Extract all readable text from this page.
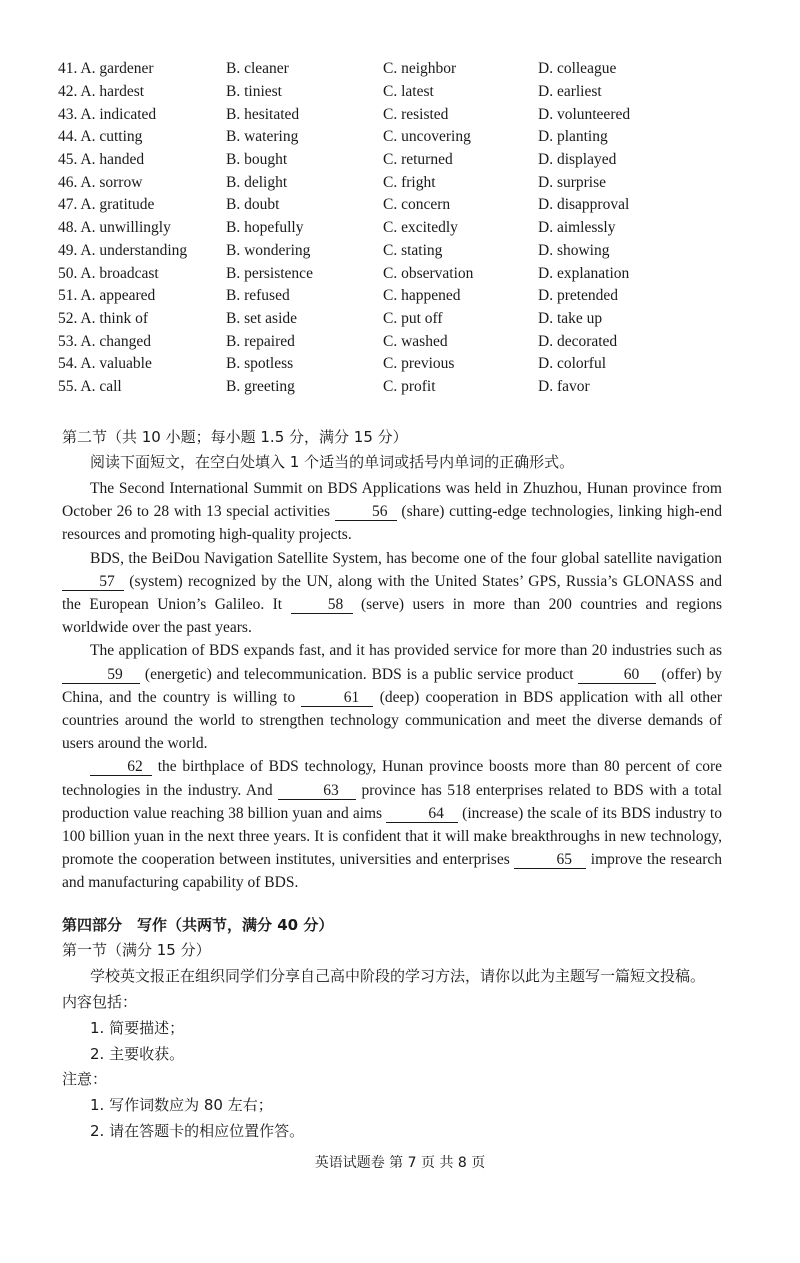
41. A. gardener	B. cleaner	C. neighbor	D. colleague
42. A. hardest	B. tiniest	C. latest	D. earliest
43. A. indicated	B. hesitated	C. resisted	D. volunteered
44. A. cutting	B. watering	C. uncovering	D. planting
45. A. handed	B. bought	C. returned	D. displayed
46. A. sorrow	B. delight	C. fright	D. surprise
47. A. gratitude	B. doubt	C. concern	D. disapproval
48. A. unwillingly	B. hopefully	C. excitedly	D. aimlessly
49. A. understanding	B. wondering	C. stating	D. showing
50. A. broadcast	B. persistence	C. observation	D. explanation
51. A. appeared	B. refused	C. happened	D. pretended
52. A. think of	B. set aside	C. put off	D. take up
53. A. changed	B. repaired	C. washed	D. decorated
54. A. valuable	B. spotless	C. previous	D. colorful
55. A. call	B. greeting	C. profit	D. favor
第二节（共 10 小题；每小题 1.5 分，满分 15 分）
阅读下面短文，在空白处填入 1 个适当的单词或括号内单词的正确形式。

The Second International Summit on BDS Applications was held in Zhuzhou, Hunan province from October 26 to 28 with 13 special activities 56 (share) cutting-edge technologies, linking high-end resources and promoting high-quality projects.

BDS, the BeiDou Navigation Satellite System, has become one of the four global satellite navigation 57 (system) recognized by the UN, along with the United States’ GPS, Russia’s GLONASS and the European Union’s Galileo. It 58 (serve) users in more than 200 countries and regions worldwide over the past years.

The application of BDS expands fast, and it has provided service for more than 20 industries such as 59 (energetic) and telecommunication. BDS is a public service product	60 (offer) by China, and the country is willing to	61 (deep) cooperation in BDS application with all other countries around the world to strengthen technology communication and meet the diverse demands of users around the world.

62 the birthplace of BDS technology, Hunan province boosts more than 80 percent of core technologies in the industry. And	63 province has 518 enterprises related to BDS with a total production value reaching 38 billion yuan and aims	64 (increase) the scale of its BDS industry to 100 billion yuan in the next three years. It is confident that it will make breakthroughs in new technology, promote the cooperation between institutes, universities and enterprises	65 improve the research and manufacturing capability of BDS.

第四部分　写作（共两节，满分 40 分）
第一节（满分 15 分）
学校英文报正在组织同学们分享自己高中阶段的学习方法，请你以此为主题写一篇短文投稿。
内容包括：
1. 简要描述；
2. 主要收获。
注意：
1. 写作词数应为 80 左右；
2. 请在答题卡的相应位置作答。
英语试题卷 第 7 页 共 8 页
